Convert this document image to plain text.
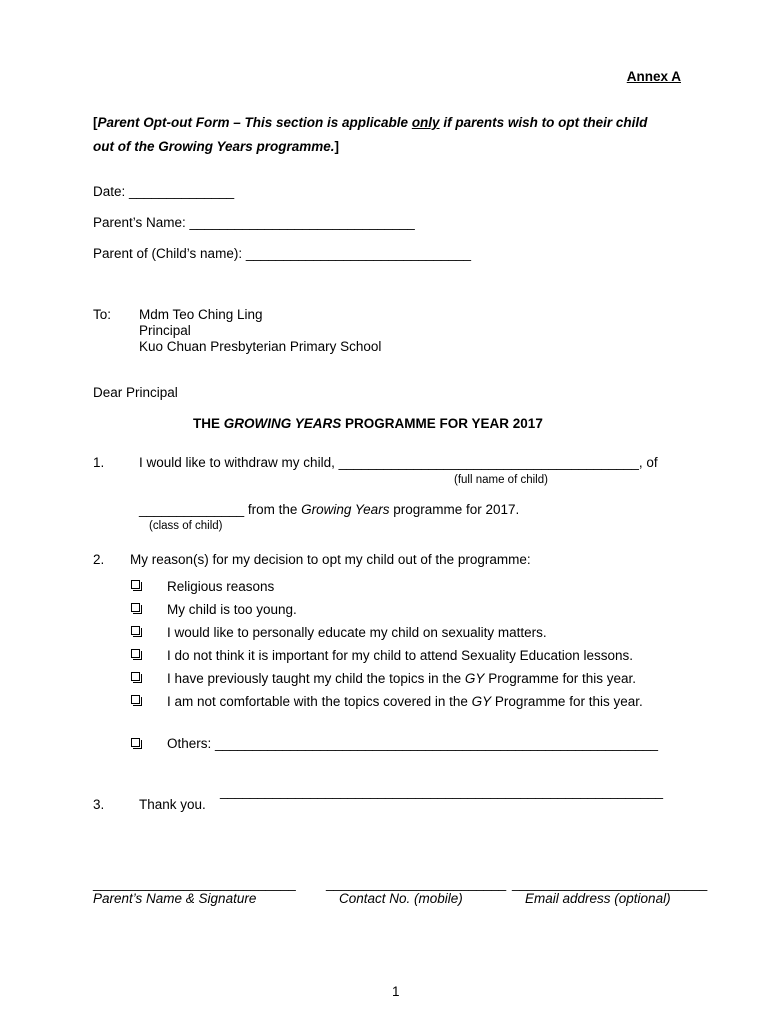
Annex A
[Parent Opt-out Form – This section is applicable only if parents wish to opt their child
out of the Growing Years programme.]
Date: ______________
Parent’s Name: ______________________________
Parent of (Child’s name): ______________________________
To: Mdm Teo Ching Ling
Principal
Kuo Chuan Presbyterian Primary School
Dear Principal
THE GROWING YEARS PROGRAMME FOR YEAR 2017
1.	I would like to withdraw my child, ________________________________________, of
(full name of child)
______________ from the Growing Years programme for 2017.
(class of child)
2. My reason(s) for my decision to opt my child out of the programme:
Religious reasons
My child is too young.
I would like to personally educate my child on sexuality matters.
I do not think it is important for my child to attend Sexuality Education lessons.
I have previously taught my child the topics in the GY Programme for this year.
I am not comfortable with the topics covered in the GY Programme for this year.
Others: ___________________________________________________________
___________________________________________________________
3.	Thank you.
___________________________
Parent’s Name & Signature
________________________
Contact No. (mobile)
__________________________
Email address (optional)
1
